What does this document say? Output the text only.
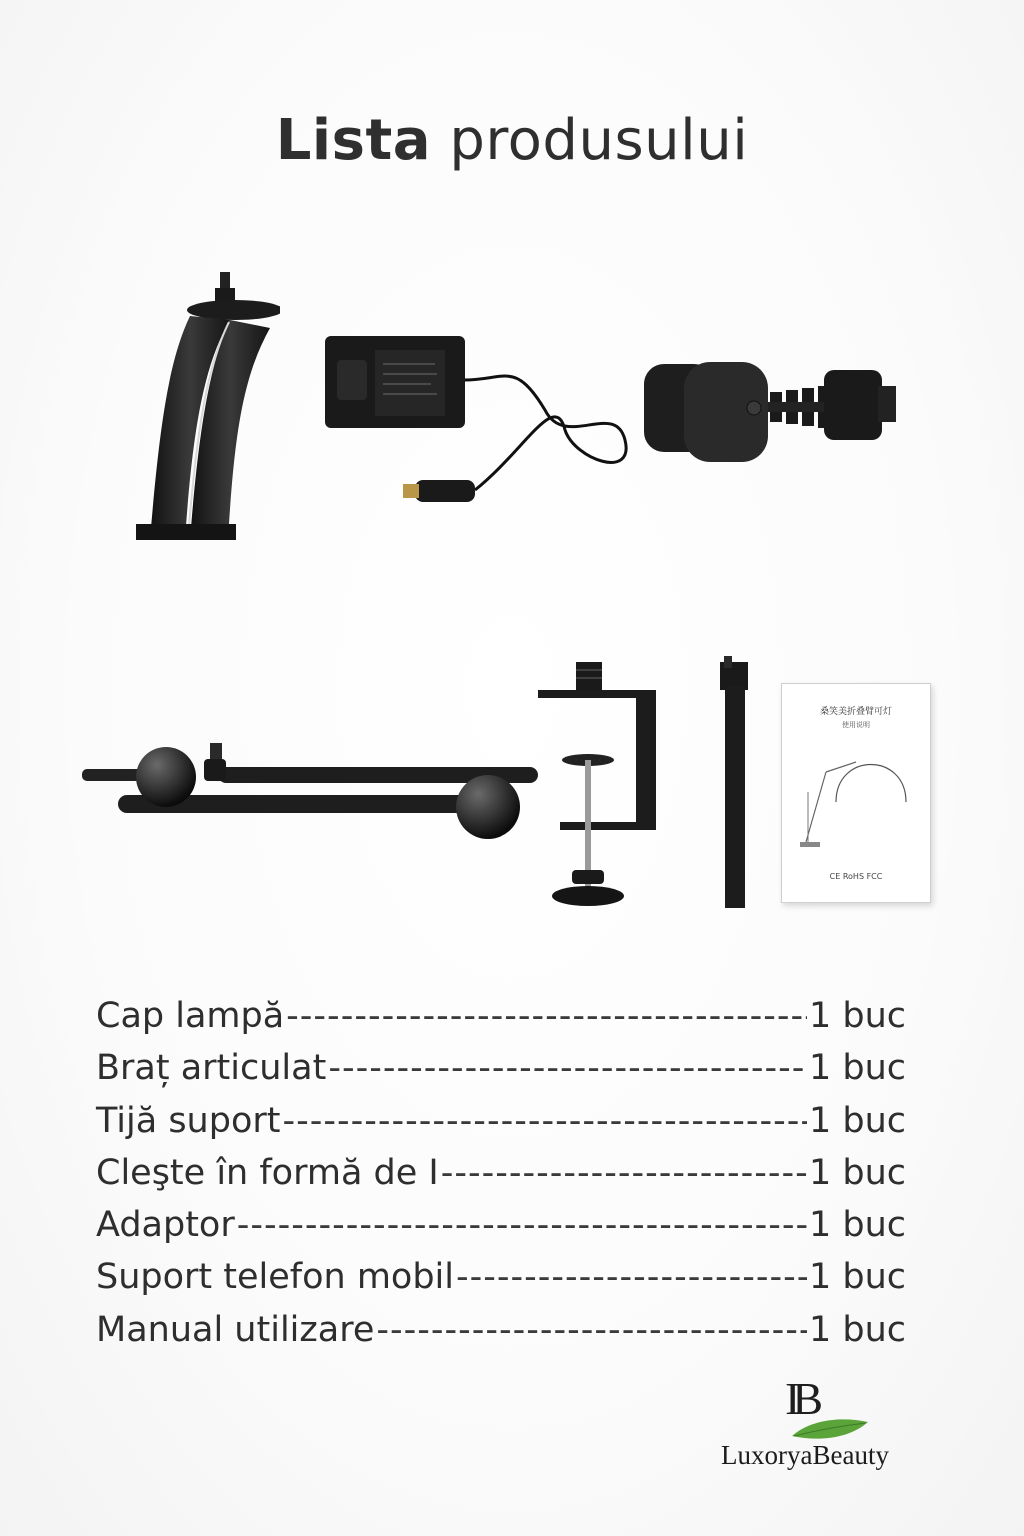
Lista produsului
桑笑美折叠臂可灯
使用说明
CE RoHS FCC
Cap lampă -----	1 buc
Braț articulat -----	1 buc
Tijă suport -----	1 buc
Cleşte în formă de I -----	1 buc
Adaptor -----	1 buc
Suport telefon mobil -----	1 buc
Manual utilizare -----	1 buc
IB
LuxoryaBeauty
